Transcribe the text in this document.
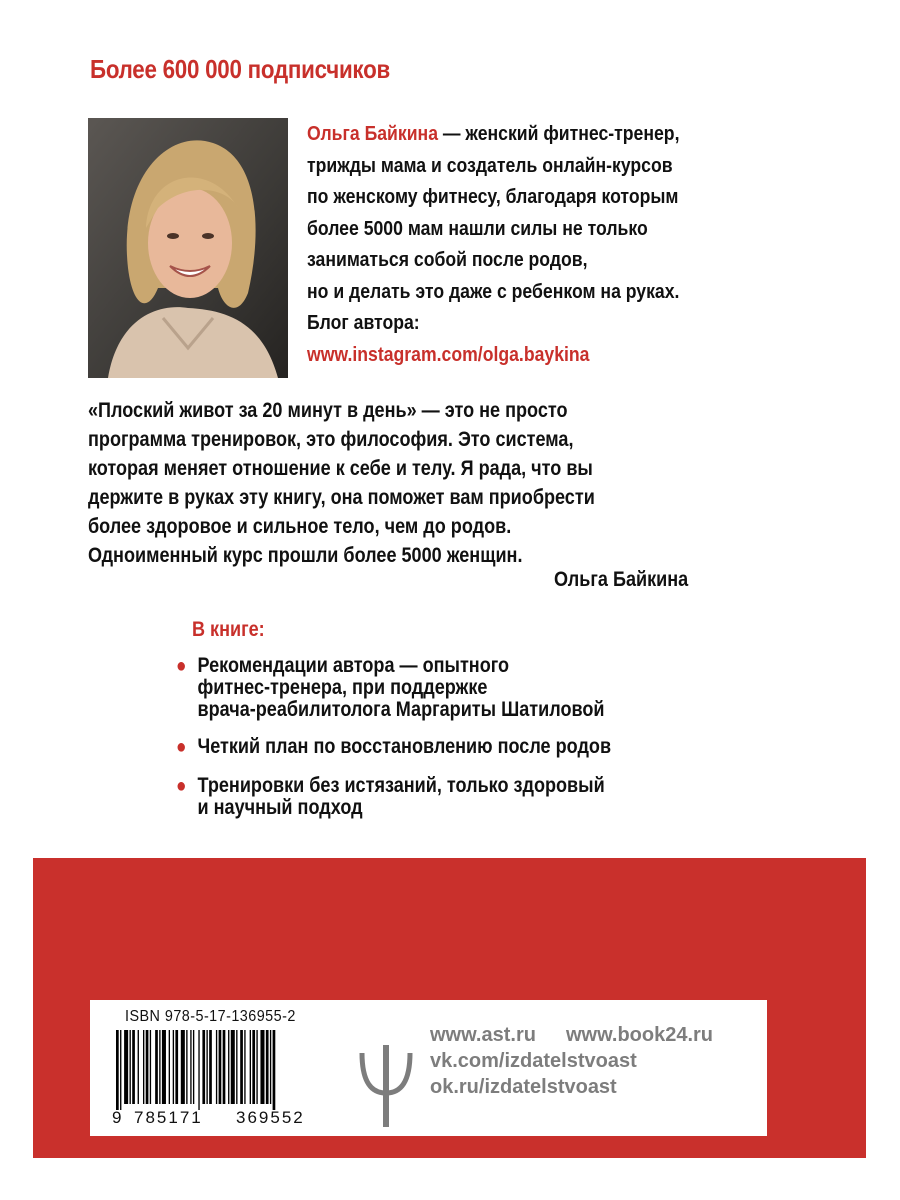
Более 600 000 подписчиков
Ольга Байкина — женский фитнес-тренер,
трижды мама и создатель онлайн-курсов
по женскому фитнесу, благодаря которым
более 5000 мам нашли силы не только
заниматься собой после родов,
но и делать это даже с ребенком на руках.
Блог автора:
www.instagram.com/olga.baykina
«Плоский живот за 20 минут в день» — это не просто
программа тренировок, это философия. Это система,
которая меняет отношение к себе и телу. Я рада, что вы
держите в руках эту книгу, она поможет вам приобрести
более здоровое и сильное тело, чем до родов.
Одноименный курс прошли более 5000 женщин.
Ольга Байкина
В книге:
● Рекомендации автора — опытного
фитнес-тренера, при поддержке
врача-реабилитолога Маргариты Шатиловой
● Четкий план по восстановлению после родов
● Тренировки без истязаний, только здоровый
и научный подход
ISBN 978-5-17-136955-2
9 785171 369552
www.ast.ru www.book24.ru
vk.com/izdatelstvoast
ok.ru/izdatelstvoast
